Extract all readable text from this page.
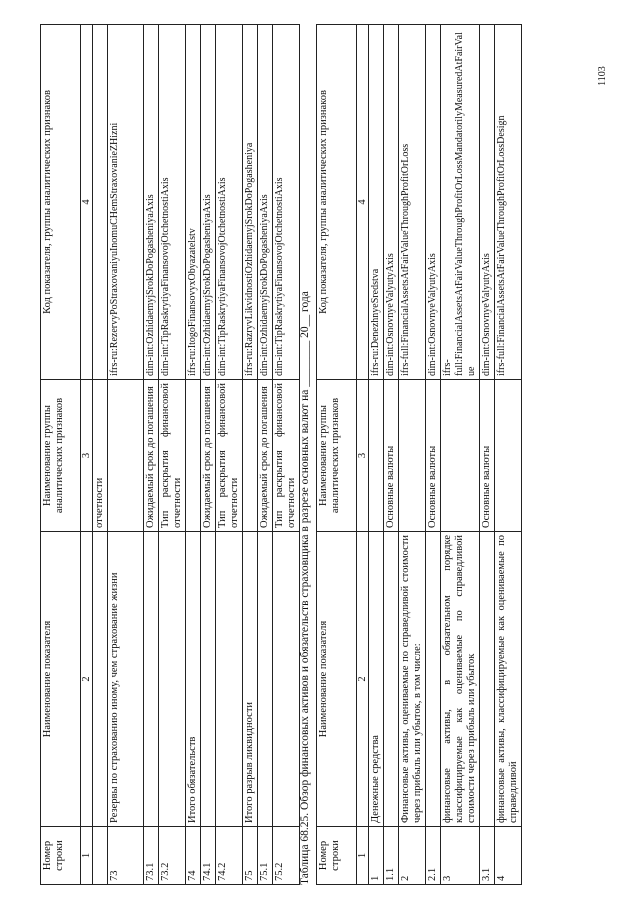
1103
Номер строки	Наименование показателя	Наименование группы аналитических признаков	Код показателя, группы аналитических признаков
1	2	3	4
		отчетности	
73	Резервы по страхованию иному, чем страхование жизни		ifrs-ru:RezervyPoStraxovaniyuInomuCHemStraxovanieZHizni
73.1		Ожидаемый срок до погашения	dim-int:OzhidaemyjSrokDoPogasheniyaAxis
73.2		Тип раскрытия финансовой отчетности	dim-int:TipRaskrytiyaFinansovojOtchetnostiAxis
74	Итого обязательств		ifrs-ru:ItogoFinansovyxObyazatelstv
74.1		Ожидаемый срок до погашения	dim-int:OzhidaemyjSrokDoPogasheniyaAxis
74.2		Тип раскрытия финансовой отчетности	dim-int:TipRaskrytiyaFinansovojOtchetnostiAxis
75	Итого разрыв ликвидности		ifrs-ru:RazryvLikvidnostiOzhidaemyjSrokDoPogasheniya
75.1		Ожидаемый срок до погашения	dim-int:OzhidaemyjSrokDoPogasheniyaAxis
75.2		Тип раскрытия финансовой отчетности	dim-int:TipRaskrytiyaFinansovojOtchetnostiAxis
Таблица 68.25. Обзор финансовых активов и обязательств страховщика в разрезе основных валют на ________ 20__ года Номер строки	Наименование показателя	Наименование группы аналитических признаков	Код показателя, группы аналитических признаков
1	2	3	4
1	Денежные средства		ifrs-ru:DenezhnyeSredstva
1.1		Основные валюты	dim-int:OsnovnyeValyutyAxis
2	Финансовые активы, оцениваемые по справедливой стоимости через прибыль или убыток, в том числе:		ifrs-full:FinancialAssetsAtFairValueThroughProfitOrLoss
2.1		Основные валюты	dim-int:OsnovnyeValyutyAxis
3	финансовые активы, в обязательном порядке классифицируемые как оцениваемые по справедливой стоимости через прибыль или убыток		ifrs-full:FinancialAssetsAtFairValueThroughProfitOrLossMandatorilyMeasuredAtFairValue
3.1		Основные валюты	dim-int:OsnovnyeValyutyAxis
4	финансовые активы, классифицируемые как оцениваемые по справедливой		ifrs-full:FinancialAssetsAtFairValueThroughProfitOrLossDesign
